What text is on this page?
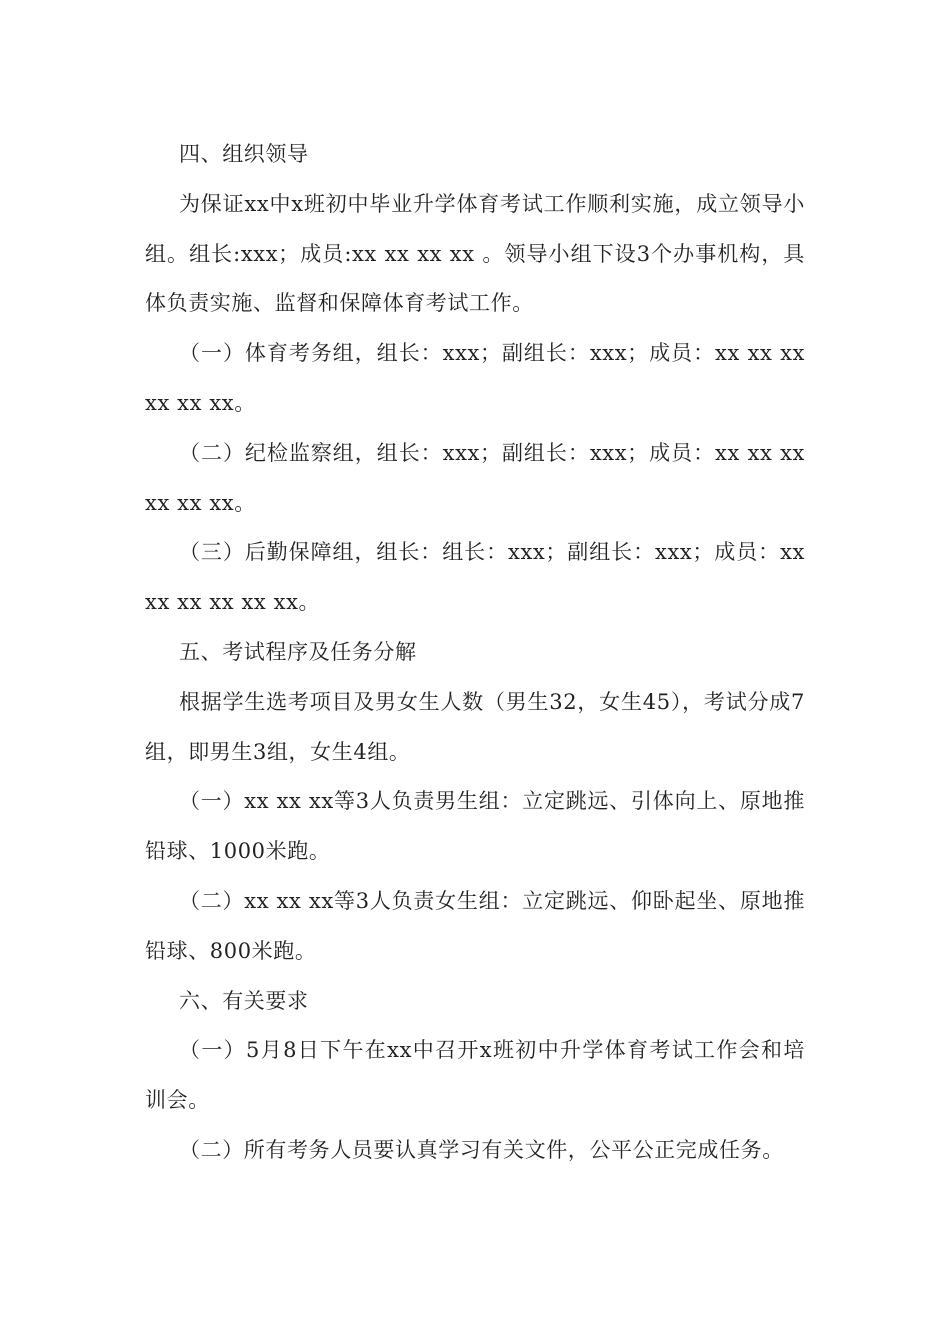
四、组织领导

为保证xx中x班初中毕业升学体育考试工作顺利实施，成立领导小组。组长:xxx；成员:xx xx xx xx 。领导小组下设3个办事机构，具体负责实施、监督和保障体育考试工作。

（一）体育考务组，组长：xxx；副组长：xxx；成员：xx xx xx xx xx xx。

（二）纪检监察组，组长：xxx；副组长：xxx；成员：xx xx xx xx xx xx。

（三）后勤保障组，组长：组长：xxx；副组长：xxx；成员：xx xx xx xx xx xx。

五、考试程序及任务分解

根据学生选考项目及男女生人数（男生32，女生45），考试分成7组，即男生3组，女生4组。

（一）xx xx xx等3人负责男生组：立定跳远、引体向上、原地推铅球、1000米跑。

（二）xx xx xx等3人负责女生组：立定跳远、仰卧起坐、原地推铅球、800米跑。

六、有关要求

（一）5月8日下午在xx中召开x班初中升学体育考试工作会和培训会。

（二）所有考务人员要认真学习有关文件，公平公正完成任务。
